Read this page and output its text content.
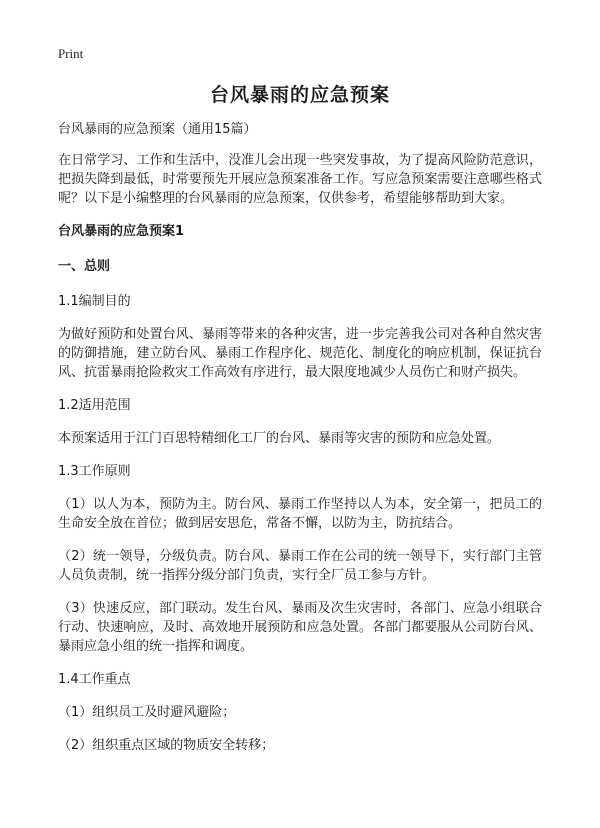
Print
台风暴雨的应急预案

台风暴雨的应急预案（通用15篇）

在日常学习、工作和生活中，没准儿会出现一些突发事故，为了提高风险防范意识，把损失降到最低，时常要预先开展应急预案准备工作。写应急预案需要注意哪些格式呢？以下是小编整理的台风暴雨的应急预案，仅供参考，希望能够帮助到大家。

台风暴雨的应急预案1

一、总则

1.1编制目的

为做好预防和处置台风、暴雨等带来的各种灾害，进一步完善我公司对各种自然灾害的防御措施，建立防台风、暴雨工作程序化、规范化、制度化的响应机制，保证抗台风、抗雷暴雨抢险救灾工作高效有序进行，最大限度地减少人员伤亡和财产损失。

1.2适用范围

本预案适用于江门百思特精细化工厂的台风、暴雨等灾害的预防和应急处置。

1.3工作原则

（1）以人为本，预防为主。防台风、暴雨工作坚持以人为本，安全第一，把员工的生命安全放在首位；做到居安思危，常备不懈，以防为主，防抗结合。

（2）统一领导，分级负责。防台风、暴雨工作在公司的统一领导下，实行部门主管人员负责制，统一指挥分级分部门负责，实行全厂员工参与方针。

（3）快速反应，部门联动。发生台风、暴雨及次生灾害时，各部门、应急小组联合行动、快速响应，及时、高效地开展预防和应急处置。各部门都要服从公司防台风、暴雨应急小组的统一指挥和调度。

1.4工作重点

（1）组织员工及时避风避险；

（2）组织重点区域的物质安全转移；
